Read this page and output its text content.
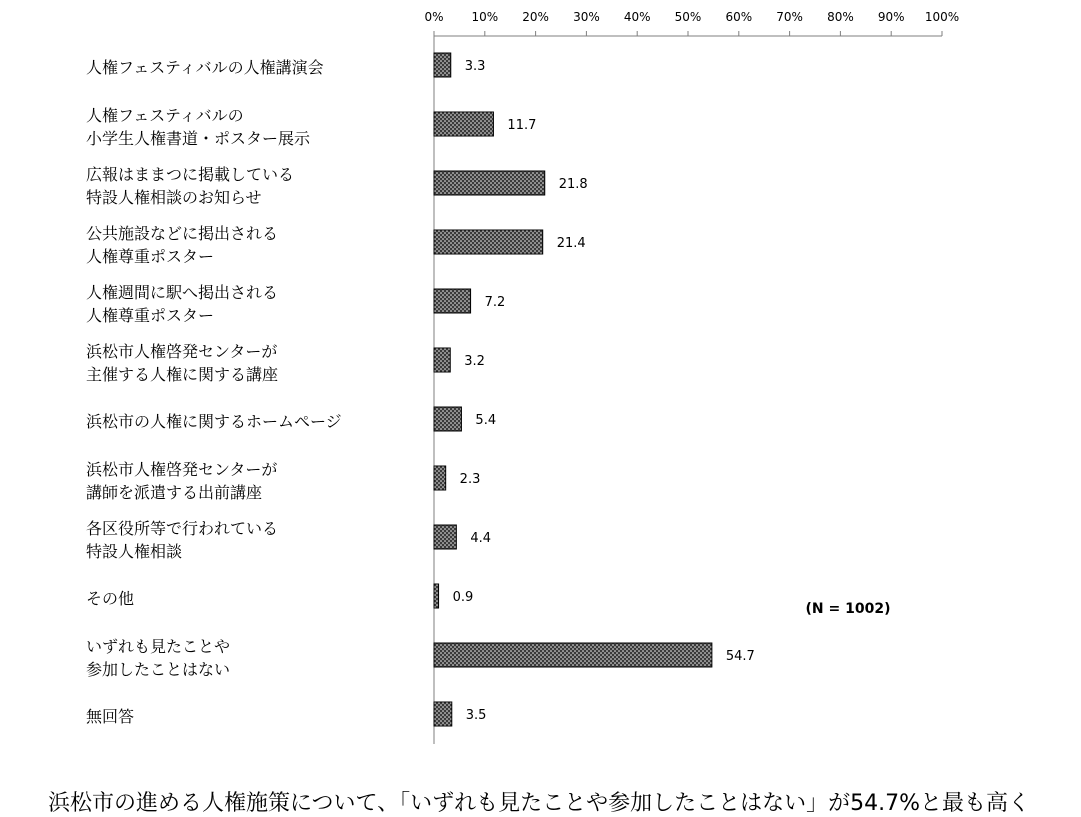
0% 10% 20% 30% 40% 50% 60% 70% 80% 90% 100%
3.3
11.7
21.8
21.4
7.2
3.2
5.4
2.3
4.4
0.9
54.7
3.5
人権フェスティバルの人権講演会
人権フェスティバルの
小学生人権書道・ポスター展示
広報はままつに掲載している
特設人権相談のお知らせ
公共施設などに掲出される
人権尊重ポスター
人権週間に駅へ掲出される
人権尊重ポスター
浜松市人権啓発センターが
主催する人権に関する講座
浜松市の人権に関するホームページ
浜松市人権啓発センターが
講師を派遣する出前講座
各区役所等で行われている
特設人権相談
その他
いずれも見たことや
参加したことはない
無回答
(N = 1002)
浜松市の進める人権施策について、「いずれも見たことや参加したことはない」が54.7%と最も高く
